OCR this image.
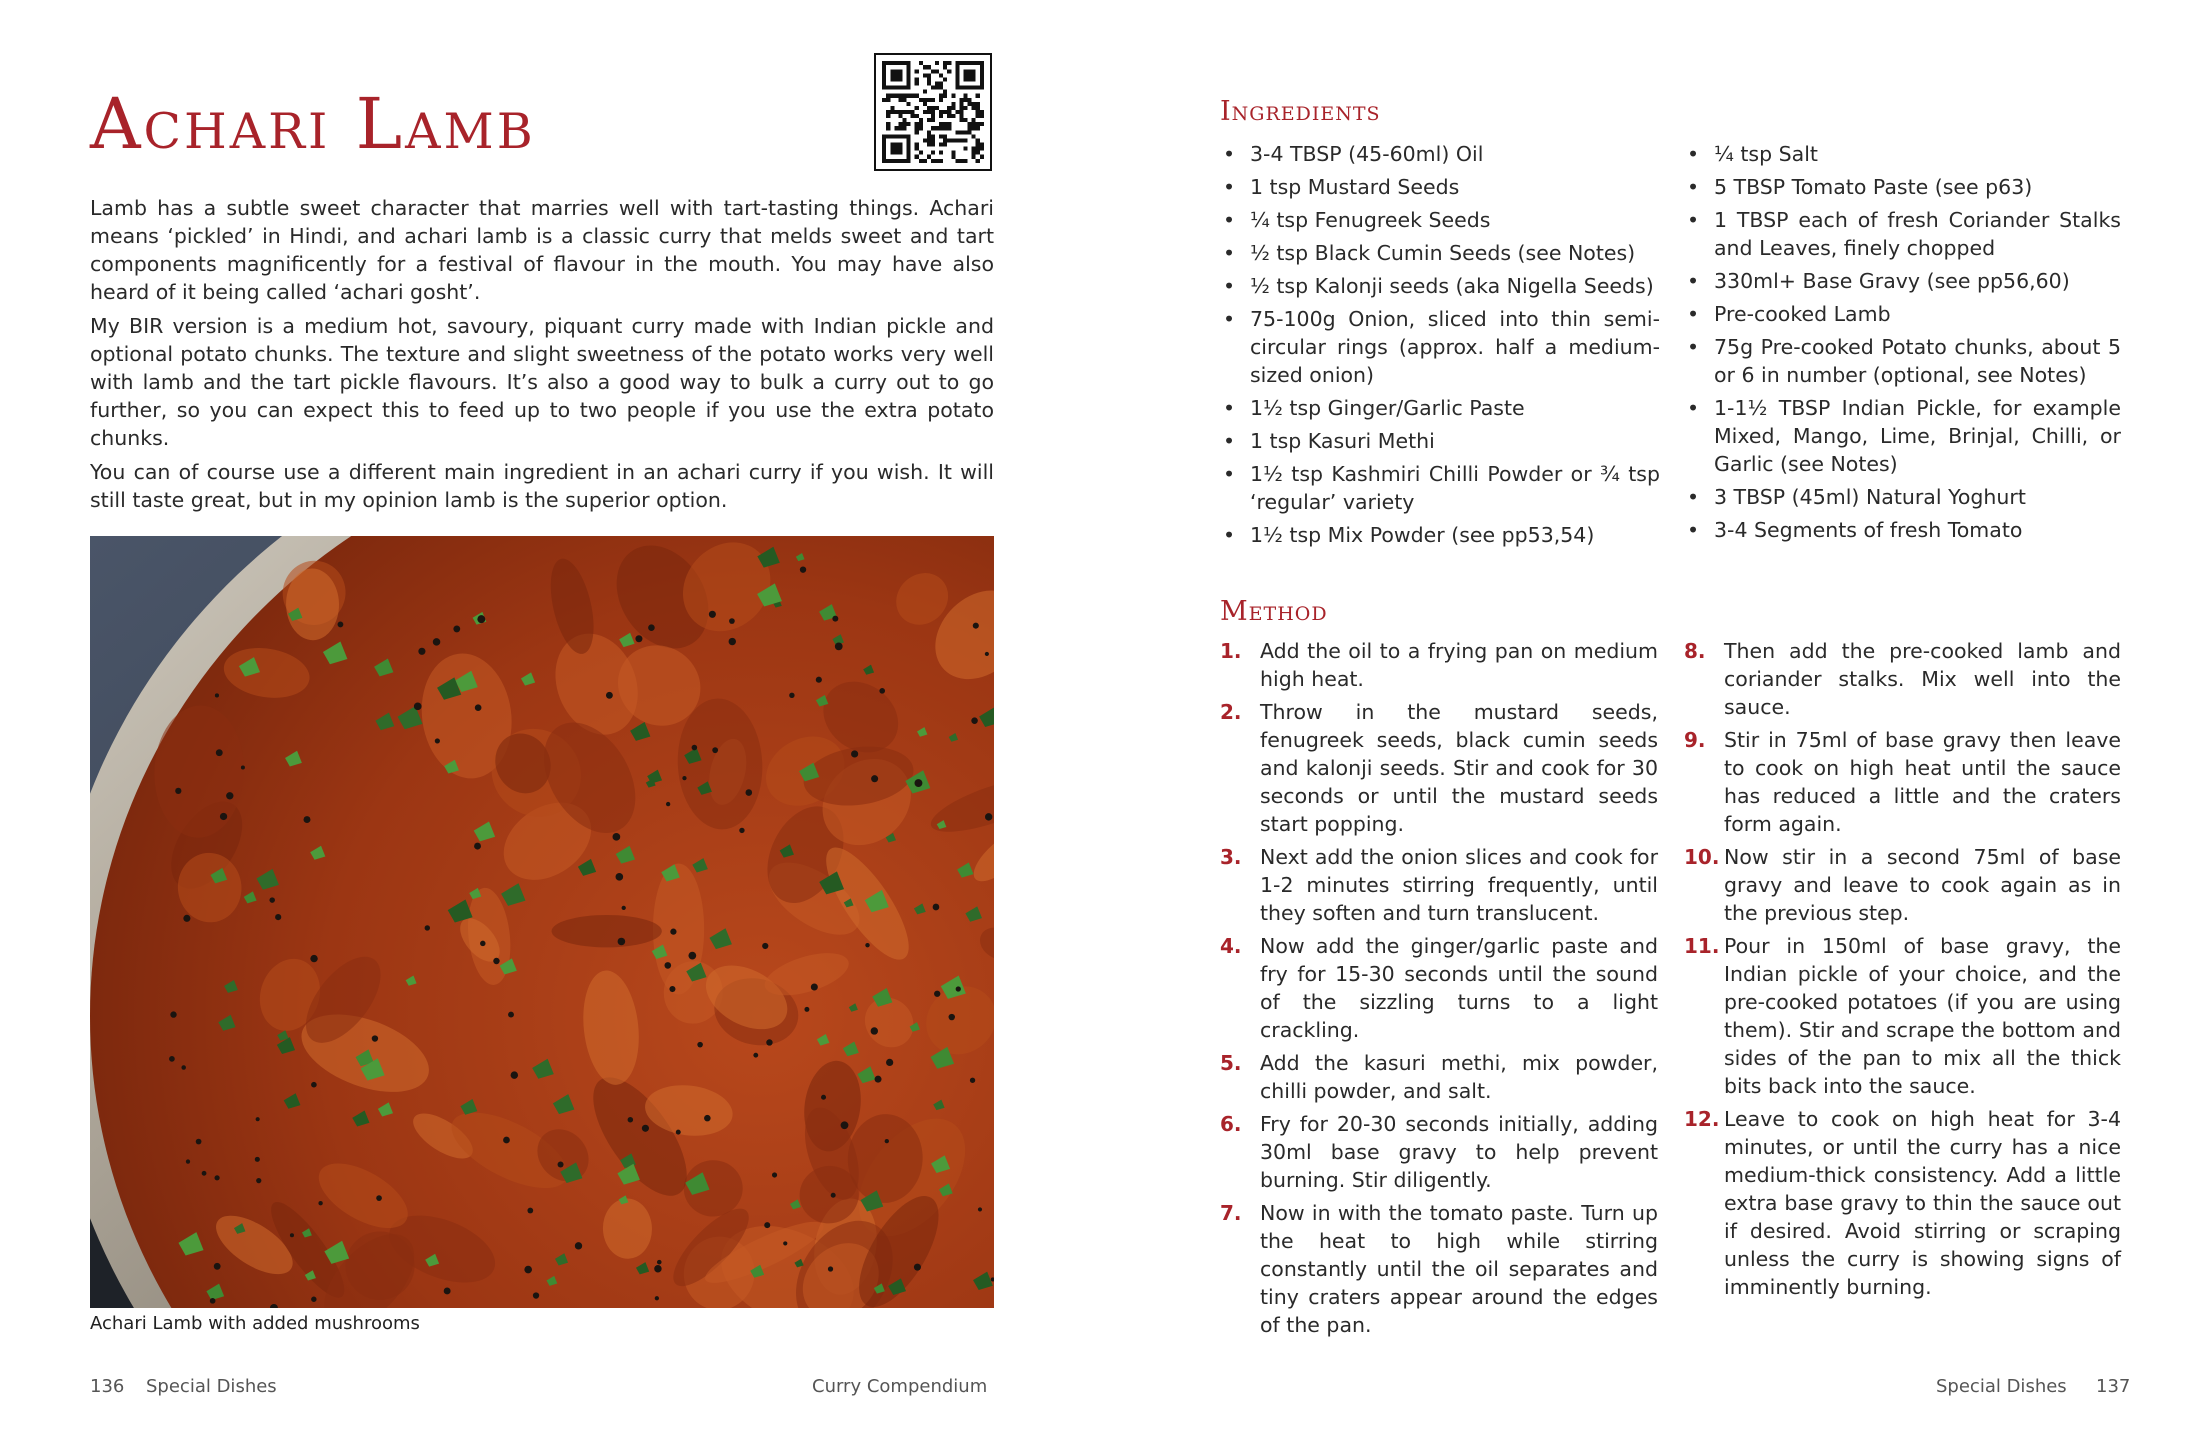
Achari Lamb

Lamb has a subtle sweet character that marries well with tart-tasting things. Achari means ‘pickled’ in Hindi, and achari lamb is a classic curry that melds sweet and tart components magnificently for a festival of flavour in the mouth. You may have also heard of it being called ‘achari gosht’.

My BIR version is a medium hot, savoury, piquant curry made with Indian pickle and optional potato chunks. The texture and slight sweetness of the potato works very well with lamb and the tart pickle flavours. It’s also a good way to bulk a curry out to go further, so you can expect this to feed up to two people if you use the extra potato chunks.

You can of course use a different main ingredient in an achari curry if you wish. It will still taste great, but in my opinion lamb is the superior option.

Achari Lamb with added mushrooms
136 Special Dishes	Curry Compendium
Ingredients
• 3-4 TBSP (45-60ml) Oil
• 1 tsp Mustard Seeds
• ¼ tsp Fenugreek Seeds
• ½ tsp Black Cumin Seeds (see Notes)
• ½ tsp Kalonji seeds (aka Nigella Seeds)
• 75-100g Onion, sliced into thin semi-circular rings (approx. half a medium-sized onion)
• 1½ tsp Ginger/Garlic Paste
• 1 tsp Kasuri Methi
• 1½ tsp Kashmiri Chilli Powder or ¾ tsp ‘regular’ variety
• 1½ tsp Mix Powder (see pp53,54)
• ¼ tsp Salt
• 5 TBSP Tomato Paste (see p63)
• 1 TBSP each of fresh Coriander Stalks and Leaves, finely chopped
• 330ml+ Base Gravy (see pp56,60)
• Pre-cooked Lamb
• 75g Pre-cooked Potato chunks, about 5 or 6 in number (optional, see Notes)
• 1-1½ TBSP Indian Pickle, for example Mixed, Mango, Lime, Brinjal, Chilli, or Garlic (see Notes)
• 3 TBSP (45ml) Natural Yoghurt
• 3-4 Segments of fresh Tomato
Method
1. Add the oil to a frying pan on medium high heat.
2. Throw in the mustard seeds, fenugreek seeds, black cumin seeds and kalonji seeds. Stir and cook for 30 seconds or until the mustard seeds start popping.
3. Next add the onion slices and cook for 1-2 minutes stirring frequently, until they soften and turn translucent.
4. Now add the ginger/garlic paste and fry for 15-30 seconds until the sound of the sizzling turns to a light crackling.
5. Add the kasuri methi, mix powder, chilli powder, and salt.
6. Fry for 20-30 seconds initially, adding 30ml base gravy to help prevent burning. Stir diligently.
7. Now in with the tomato paste. Turn up the heat to high while stirring constantly until the oil separates and tiny craters appear around the edges of the pan.
8. Then add the pre-cooked lamb and coriander stalks. Mix well into the sauce.
9. Stir in 75ml of base gravy then leave to cook on high heat until the sauce has reduced a little and the craters form again.
10. Now stir in a second 75ml of base gravy and leave to cook again as in the previous step.
11. Pour in 150ml of base gravy, the Indian pickle of your choice, and the pre-cooked potatoes (if you are using them). Stir and scrape the bottom and sides of the pan to mix all the thick bits back into the sauce.
12. Leave to cook on high heat for 3-4 minutes, or until the curry has a nice medium-thick consistency. Add a little extra base gravy to thin the sauce out if desired. Avoid stirring or scraping unless the curry is showing signs of imminently burning.
Special Dishes 137
